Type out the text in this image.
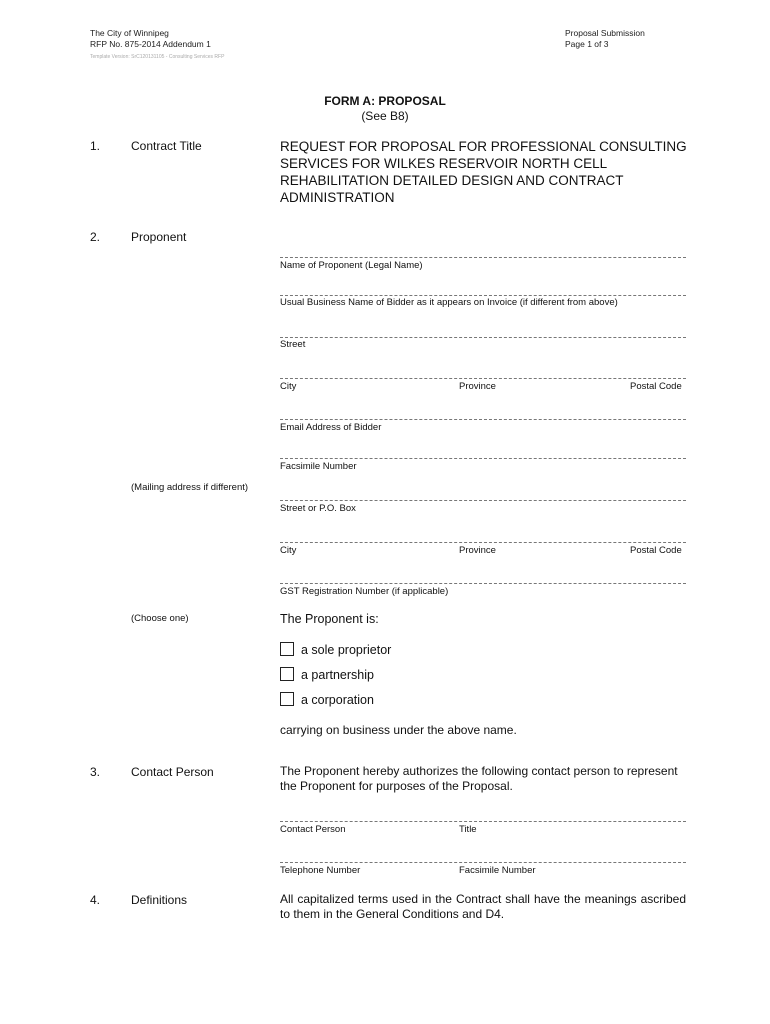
The City of Winnipeg
RFP No. 875-2014 Addendum 1
Template Version: SrC120131105 - Consulting Services RFP
Proposal Submission
Page 1 of 3
FORM A: PROPOSAL
(See B8)
1.	Contract Title	REQUEST FOR PROPOSAL FOR PROFESSIONAL CONSULTING SERVICES FOR WILKES RESERVOIR NORTH CELL REHABILITATION DETAILED DESIGN AND CONTRACT ADMINISTRATION
2.	Proponent
Name of Proponent (Legal Name)
Usual Business Name of Bidder as it appears on Invoice (if different from above)
Street
City	Province	Postal Code
Email Address of Bidder
Facsimile Number
(Mailing address if different)
Street or P.O. Box
City	Province	Postal Code
GST Registration Number (if applicable)
(Choose one)	The Proponent is:
a sole proprietor
a partnership
a corporation
carrying on business under the above name.
3.	Contact Person	The Proponent hereby authorizes the following contact person to represent the Proponent for purposes of the Proposal.
Contact Person	Title
Telephone Number	Facsimile Number
4.	Definitions	All capitalized terms used in the Contract shall have the meanings ascribed to them in the General Conditions and D4.
